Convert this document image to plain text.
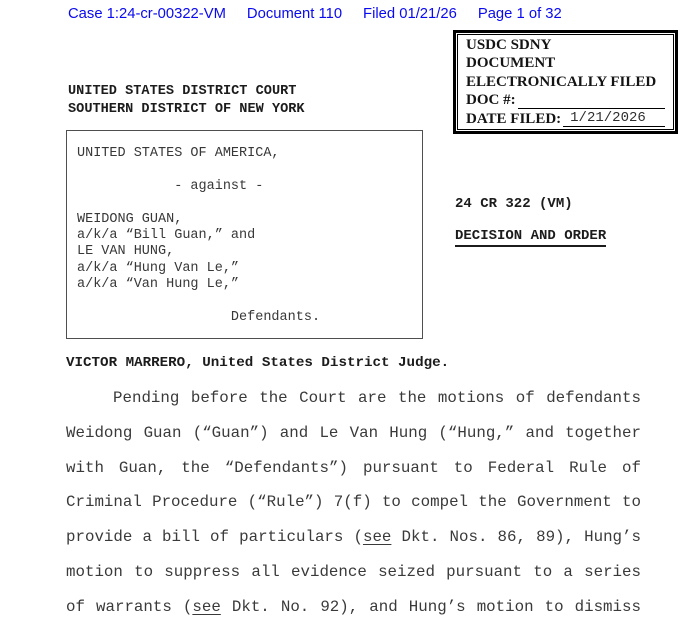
Case 1:24-cr-00322-VM Document 110 Filed 01/21/26 Page 1 of 32
USDC SDNY
DOCUMENT
ELECTRONICALLY FILED
DOC #:
DATE FILED: 1/21/2026
UNITED STATES DISTRICT COURT
SOUTHERN DISTRICT OF NEW YORK
UNITED STATES OF AMERICA,
- against -
WEIDONG GUAN,
a/k/a “Bill Guan,” and
LE VAN HUNG,
a/k/a “Hung Van Le,”
a/k/a “Van Hung Le,”
Defendants.
24 CR 322 (VM)
DECISION AND ORDER
VICTOR MARRERO, United States District Judge.
Pending before the Court are the motions of defendants
Weidong Guan (“Guan”) and Le Van Hung (“Hung,” and together
with Guan, the “Defendants”) pursuant to Federal Rule of
Criminal Procedure (“Rule”) 7(f) to compel the Government to
provide a bill of particulars (see Dkt. Nos. 86, 89), Hung’s
motion to suppress all evidence seized pursuant to a series
of warrants (see Dkt. No. 92), and Hung’s motion to dismiss
